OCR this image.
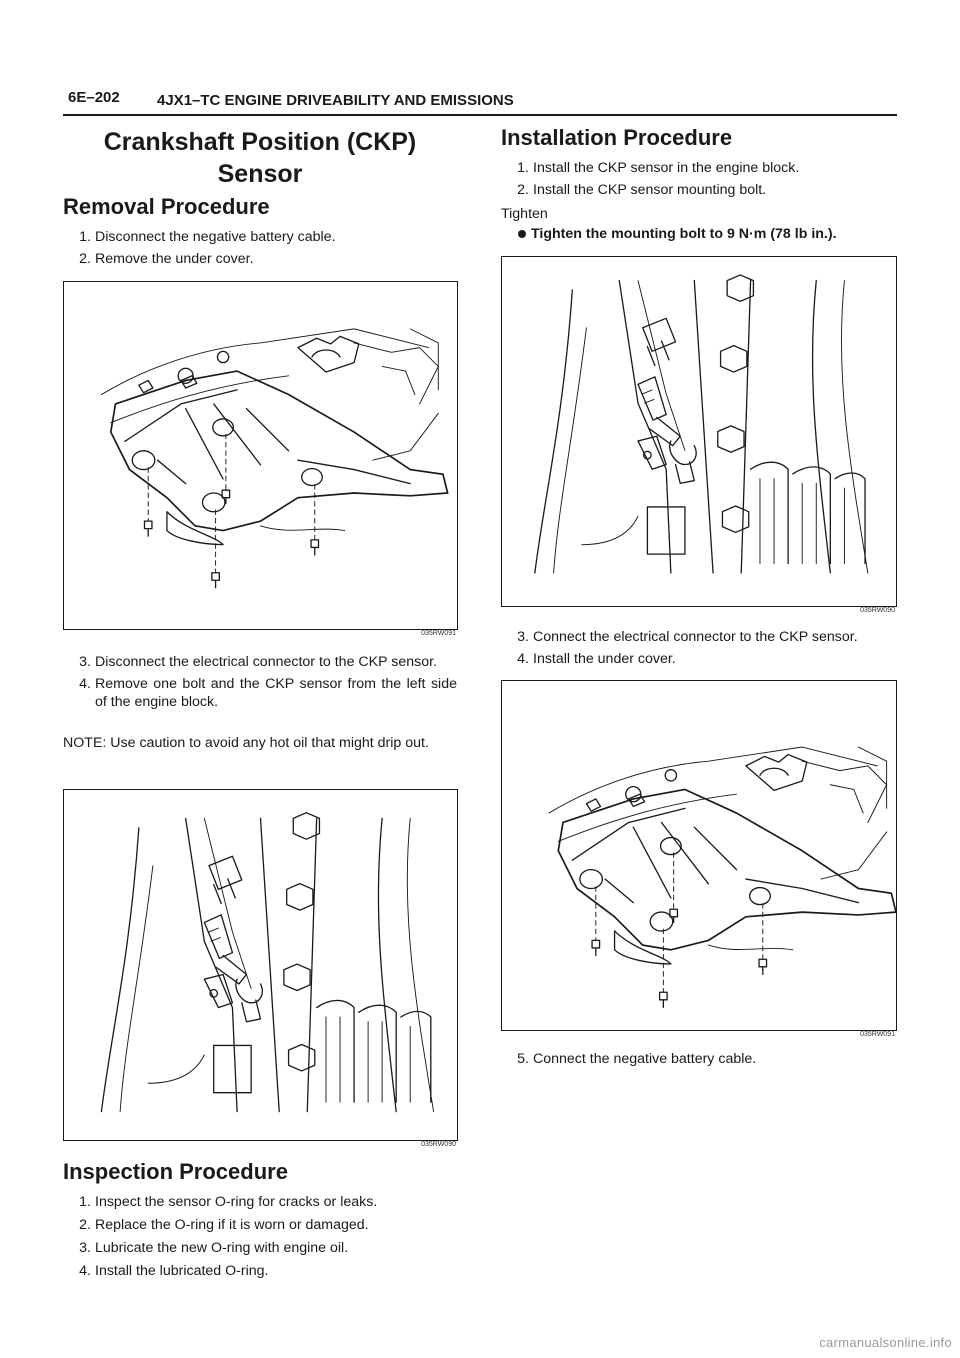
6E–202 4JX1–TC ENGINE DRIVEABILITY AND EMISSIONS
Crankshaft Position (CKP)
Sensor
Removal Procedure
1. Disconnect the negative battery cable.
2. Remove the under cover.
035RW091
3. Disconnect the electrical connector to the CKP sensor.
4. Remove one bolt and the CKP sensor from the left side of the engine block.
NOTE: Use caution to avoid any hot oil that might drip out.
035RW090
Inspection Procedure
1. Inspect the sensor O-ring for cracks or leaks.
2. Replace the O-ring if it is worn or damaged.
3. Lubricate the new O-ring with engine oil.
4. Install the lubricated O-ring.
Installation Procedure
1. Install the CKP sensor in the engine block.
2. Install the CKP sensor mounting bolt.
Tighten
Tighten the mounting bolt to 9 N·m (78 lb in.).
035RW090
3. Connect the electrical connector to the CKP sensor.
4. Install the under cover.
035RW091
5. Connect the negative battery cable.
carmanualsonline.info
